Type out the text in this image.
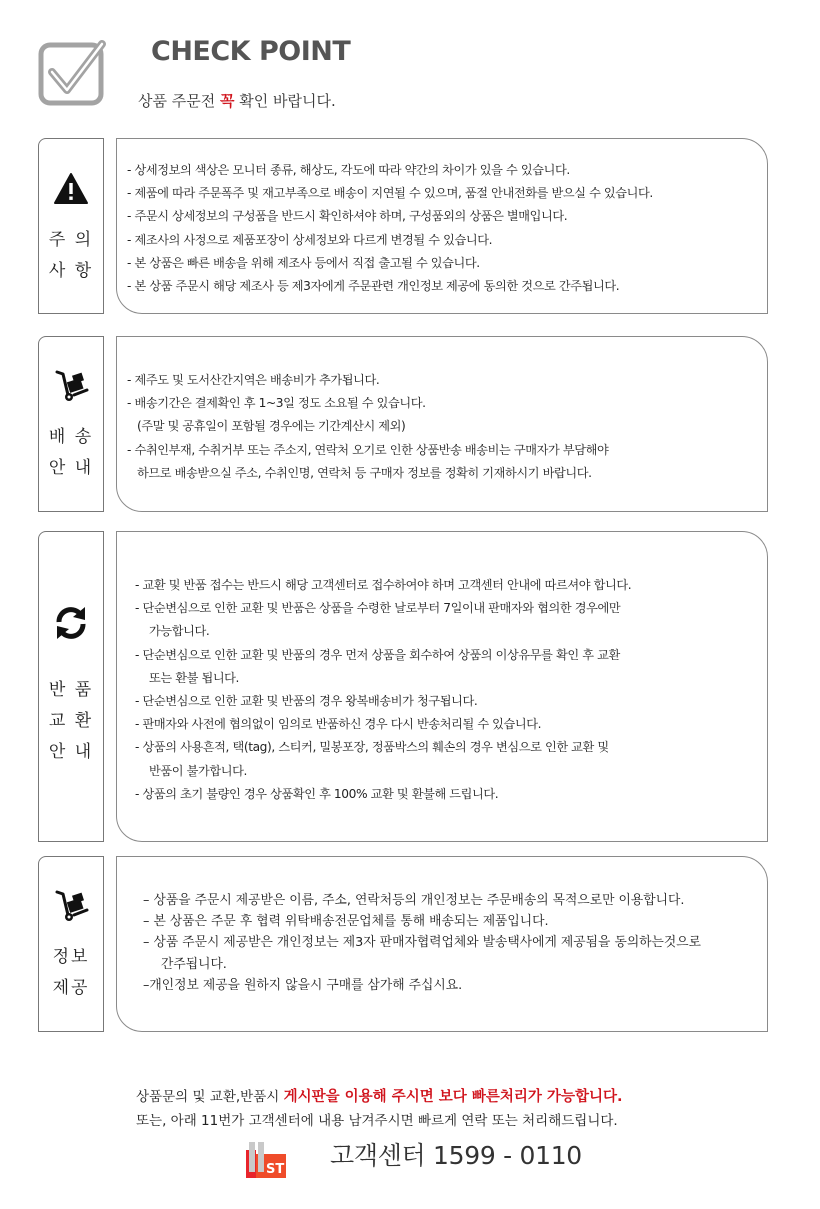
CHECK POINT
상품 주문전 꼭 확인 바랍니다.
주 의
사 항
- 상세정보의 색상은 모니터 종류, 해상도, 각도에 따라 약간의 차이가 있을 수 있습니다.
- 제품에 따라 주문폭주 및 재고부족으로 배송이 지연될 수 있으며, 품절 안내전화를 받으실 수 있습니다.
- 주문시 상세정보의 구성품을 반드시 확인하셔야 하며, 구성품외의 상품은 별매입니다.
- 제조사의 사정으로 제품포장이 상세정보와 다르게 변경될 수 있습니다.
- 본 상품은 빠른 배송을 위해 제조사 등에서 직접 출고될 수 있습니다.
- 본 상품 주문시 해당 제조사 등 제3자에게 주문관련 개인정보 제공에 동의한 것으로 간주됩니다.
배 송
안 내
- 제주도 및 도서산간지역은 배송비가 추가됩니다.
- 배송기간은 결제확인 후 1~3일 정도 소요될 수 있습니다.
(주말 및 공휴일이 포함될 경우에는 기간계산시 제외)
- 수취인부재, 수취거부 또는 주소지, 연락처 오기로 인한 상품반송 배송비는 구매자가 부담해야
하므로 배송받으실 주소, 수취인명, 연락처 등 구매자 정보를 정확히 기재하시기 바랍니다.
반 품
교 환
안 내
- 교환 및 반품 접수는 반드시 해당 고객센터로 접수하여야 하며 고객센터 안내에 따르셔야 합니다.
- 단순변심으로 인한 교환 및 반품은 상품을 수령한 날로부터 7일이내 판매자와 협의한 경우에만
가능합니다.
- 단순변심으로 인한 교환 및 반품의 경우 먼저 상품을 회수하여 상품의 이상유무를 확인 후 교환
또는 환불 됩니다.
- 단순변심으로 인한 교환 및 반품의 경우 왕복배송비가 청구됩니다.
- 판매자와 사전에 협의없이 임의로 반품하신 경우 다시 반송처리될 수 있습니다.
- 상품의 사용흔적, 택(tag), 스티커, 밀봉포장, 정품박스의 훼손의 경우 변심으로 인한 교환 및
반품이 불가합니다.
- 상품의 초기 불량인 경우 상품확인 후 100% 교환 및 환불해 드립니다.
정보
제공
– 상품을 주문시 제공받은 이름, 주소, 연락처등의 개인정보는 주문배송의 목적으로만 이용합니다.
– 본 상품은 주문 후 협력 위탁배송전문업체를 통해 배송되는 제품입니다.
– 상품 주문시 제공받은 개인정보는 제3자 판매자협력업체와 발송택사에게 제공됨을 동의하는것으로
간주됩니다.
–개인정보 제공을 원하지 않을시 구매를 삼가해 주십시요.
상품문의 및 교환,반품시 게시판을 이용해 주시면 보다 빠른처리가 가능합니다.
또는, 아래 11번가 고객센터에 내용 남겨주시면 빠르게 연락 또는 처리해드립니다.
ST 고객센터 1599 - 0110
